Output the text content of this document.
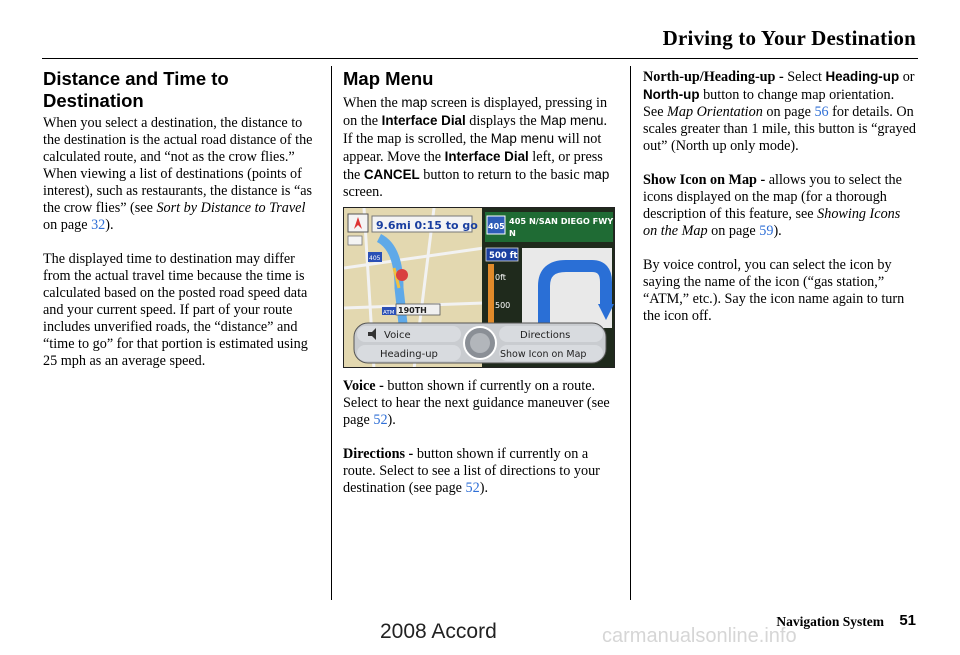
Driving to Your Destination
Distance and Time to Destination

When you select a destination, the distance to the destination is the actual road distance of the calculated route, and “not as the crow flies.” When viewing a list of destinations (points of interest), such as restaurants, the distance is “as the crow flies” (see Sort by Distance to Travel on page 32).

The displayed time to destination may differ from the actual travel time because the time is calculated based on the posted road speed data and your current speed. If part of your route includes unverified roads, the “distance” and “time to go” for that portion is estimated using 25 mph as an average speed.

Map Menu

When the map screen is displayed, pressing in on the Interface Dial displays the Map menu. If the map is scrolled, the Map menu will not appear. Move the Interface Dial left, or press the CANCEL button to return to the basic map screen.

9.6mi 0:15 to go
405
190TH
ATM
405
405 N/SAN DIEGO FWY
N
500 ft
0ft
500
Voice	Directions
Heading-up	Show Icon on Map

Voice - button shown if currently on a route. Select to hear the next guidance maneuver (see page 52).

Directions - button shown if currently on a route. Select to see a list of directions to your destination (see page 52).

North-up/Heading-up - Select Heading-up or North-up button to change map orientation. See Map Orientation on page 56 for details. On scales greater than 1 mile, this button is “grayed out” (North up only mode).

Show Icon on Map - allows you to select the icons displayed on the map (for a thorough description of this feature, see Showing Icons on the Map on page 59).

By voice control, you can select the icon by saying the name of the icon (“gas station,” “ATM,” etc.). Say the icon name again to turn the icon off.

Navigation System 51
2008 Accord	carmanualsonline.info
